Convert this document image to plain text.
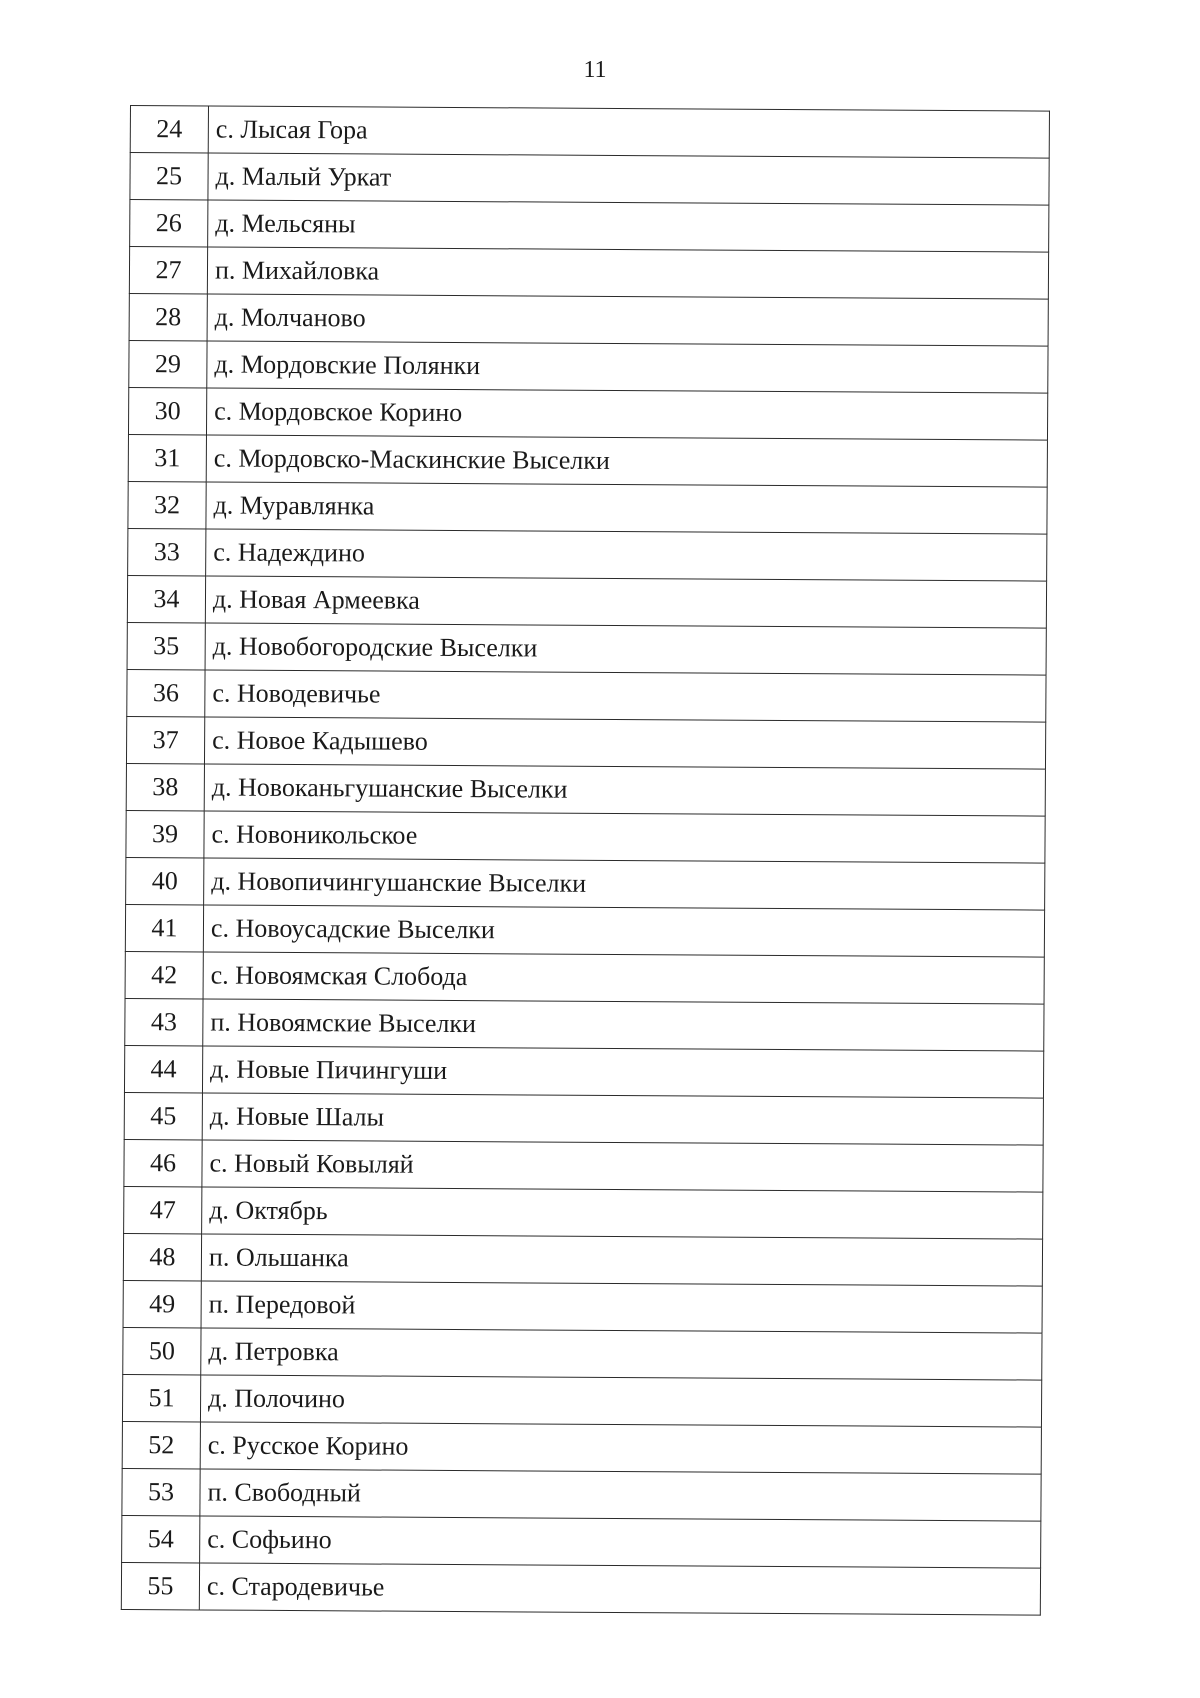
11
24	с. Лысая Гора
25	д. Малый Уркат
26	д. Мельсяны
27	п. Михайловка
28	д. Молчаново
29	д. Мордовские Полянки
30	с. Мордовское Корино
31	с. Мордовско-Маскинские Выселки
32	д. Муравлянка
33	с. Надеждино
34	д. Новая Армеевка
35	д. Новобогородские Выселки
36	с. Новодевичье
37	с. Новое Кадышево
38	д. Новоканьгушанские Выселки
39	с. Новоникольское
40	д. Новопичингушанские Выселки
41	с. Новоусадские Выселки
42	с. Новоямская Слобода
43	п. Новоямские Выселки
44	д. Новые Пичингуши
45	д. Новые Шалы
46	с. Новый Ковыляй
47	д. Октябрь
48	п. Ольшанка
49	п. Передовой
50	д. Петровка
51	д. Полочино
52	с. Русское Корино
53	п. Свободный
54	с. Софьино
55	с. Стародевичье
